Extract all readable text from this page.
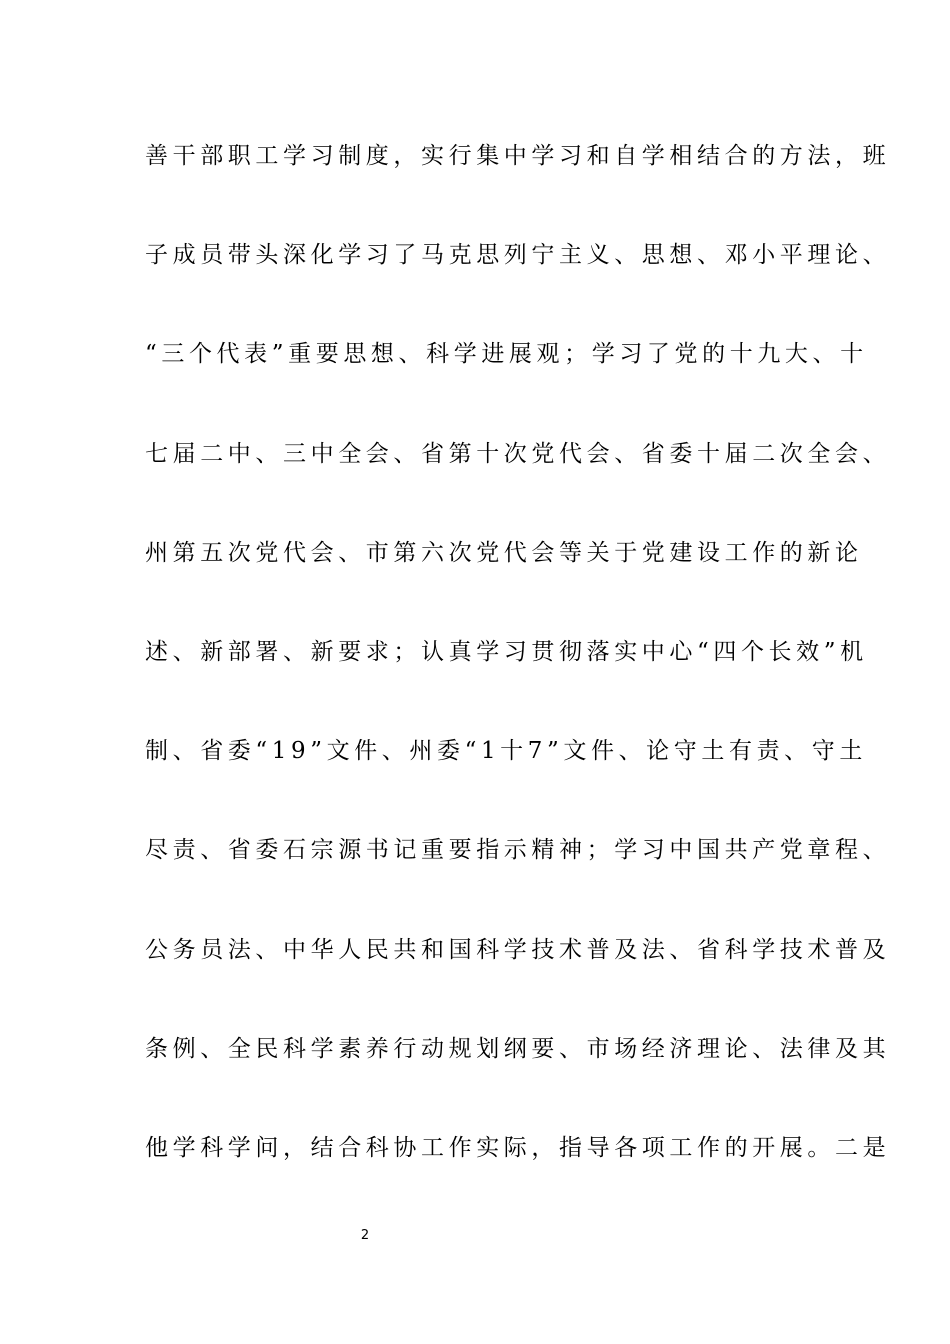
善干部职工学习制度，实行集中学习和自学相结合的方法，班
子成员带头深化学习了马克思列宁主义、思想、邓小平理论、
“三个代表”重要思想、科学进展观；学习了党的十九大、十
七届二中、三中全会、省第十次党代会、省委十届二次全会、
州第五次党代会、市第六次党代会等关于党建设工作的新论
述、新部署、新要求；认真学习贯彻落实中心“四个长效”机
制、省委“19”文件、州委“1十7”文件、论守土有责、守土
尽责、省委石宗源书记重要指示精神；学习中国共产党章程、
公务员法、中华人民共和国科学技术普及法、省科学技术普及
条例、全民科学素养行动规划纲要、市场经济理论、法律及其
他学科学问，结合科协工作实际，指导各项工作的开展。二是
2
